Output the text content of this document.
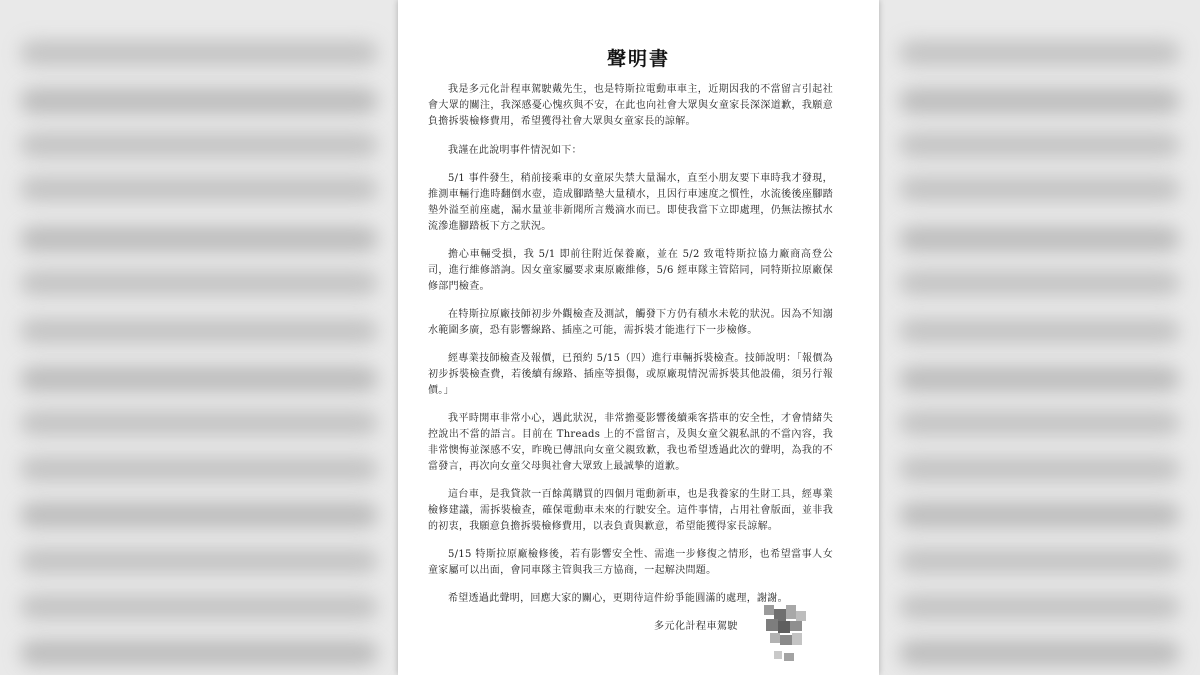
聲明書

我是多元化計程車駕駛戴先生，也是特斯拉電動車車主，近期因我的不當留言引起社會大眾的關注，我深感憂心愧疚與不安，在此也向社會大眾與女童家長深深道歉，我願意負擔拆裝檢修費用，希望獲得社會大眾與女童家長的諒解。

我謹在此說明事件情況如下：

5/1 事件發生，稍前接乘車的女童尿失禁大量漏水，直至小朋友要下車時我才發現，推測車輛行進時翻倒水壺，造成腳踏墊大量積水，且因行車速度之慣性，水流後後座腳踏墊外溢至前座處，漏水量並非新聞所言幾滴水而已。即使我當下立即處理，仍無法擦拭水流滲進腳踏板下方之狀況。

擔心車輛受損，我 5/1 即前往附近保養廠，並在 5/2 致電特斯拉協力廠商高登公司，進行維修諮詢。因女童家屬要求東原廠維修，5/6 經車隊主管陪同，同特斯拉原廠保修部門檢查。

在特斯拉原廠技師初步外觀檢查及測試，觸發下方仍有積水未乾的狀況。因為不知溺水範圍多廣，恐有影響線路、插座之可能，需拆裝才能進行下一步檢修。

經專業技師檢查及報價，已預約 5/15（四）進行車輛拆裝檢查。技師說明：「報價為初步拆裝檢查費，若後續有線路、插座等損傷，或原廠現情況需拆裝其他設備，須另行報價。」

我平時開車非常小心，遇此狀況，非常擔憂影響後續乘客搭車的安全性，才會情緒失控說出不當的語言。目前在 Threads 上的不當留言，及與女童父親私訊的不當內容，我非常懊悔並深感不安，昨晚已傳訊向女童父親致歉，我也希望透過此次的聲明，為我的不當發言，再次向女童父母與社會大眾致上最誠摯的道歉。

這台車，是我貸款一百餘萬購買的四個月電動新車，也是我養家的生財工具，經專業檢修建議，需拆裝檢查，確保電動車未來的行駛安全。這件事情，占用社會版面，並非我的初衷，我願意負擔拆裝檢修費用，以表負責與歉意，希望能獲得家長諒解。

5/15 特斯拉原廠檢修後，若有影響安全性、需進一步修復之情形，也希望當事人女童家屬可以出面，會同車隊主管與我三方協商，一起解決問題。

希望透過此聲明，回應大家的關心，更期待這件紛爭能圓滿的處理，謝謝。

多元化計程車駕駛
